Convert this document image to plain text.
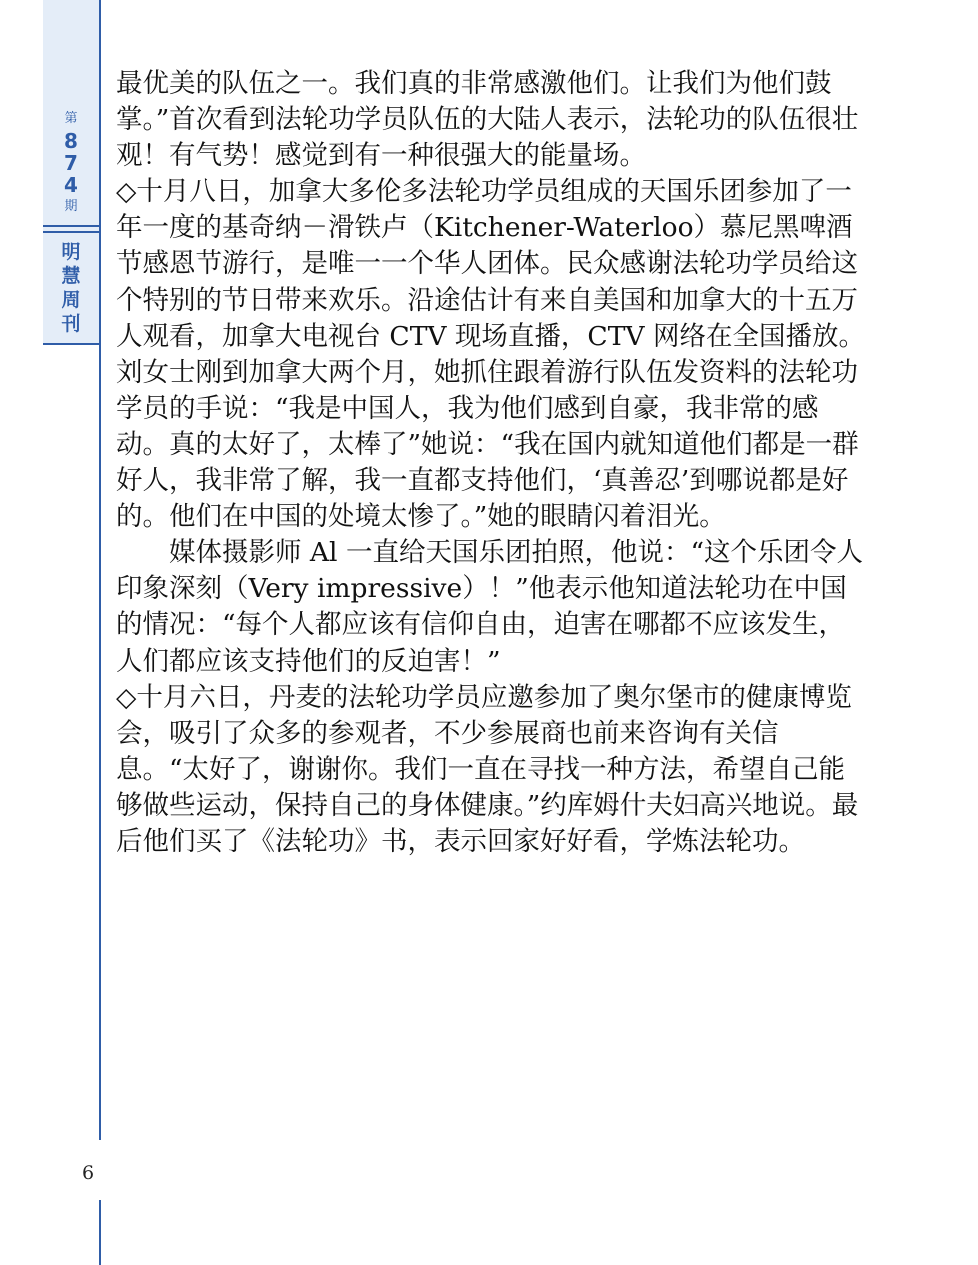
第
8
7
4
期
明
慧
周
刊

最优美的队伍之一。我们真的非常感激他们。让我们为他们鼓掌。”首次看到法轮功学员队伍的大陆人表示，法轮功的队伍很壮观！有气势！感觉到有一种很强大的能量场。

◇十月八日，加拿大多伦多法轮功学员组成的天国乐团参加了一年一度的基奇纳－滑铁卢（Kitchener-Waterloo）慕尼黑啤酒节感恩节游行，是唯一一个华人团体。民众感谢法轮功学员给这个特别的节日带来欢乐。沿途估计有来自美国和加拿大的十五万人观看，加拿大电视台 CTV 现场直播，CTV 网络在全国播放。刘女士刚到加拿大两个月，她抓住跟着游行队伍发资料的法轮功学员的手说：“我是中国人，我为他们感到自豪，我非常的感动。真的太好了，太棒了”她说：“我在国内就知道他们都是一群好人，我非常了解，我一直都支持他们，‘真善忍’到哪说都是好的。他们在中国的处境太惨了。”她的眼睛闪着泪光。

媒体摄影师 Al 一直给天国乐团拍照，他说：“这个乐团令人印象深刻（Very impressive）！”他表示他知道法轮功在中国的情况：“每个人都应该有信仰自由，迫害在哪都不应该发生，人们都应该支持他们的反迫害！”

◇十月六日，丹麦的法轮功学员应邀参加了奥尔堡市的健康博览会，吸引了众多的参观者，不少参展商也前来咨询有关信息。“太好了，谢谢你。我们一直在寻找一种方法，希望自己能够做些运动，保持自己的身体健康。”约库姆什夫妇高兴地说。最后他们买了《法轮功》书，表示回家好好看，学炼法轮功。

6
